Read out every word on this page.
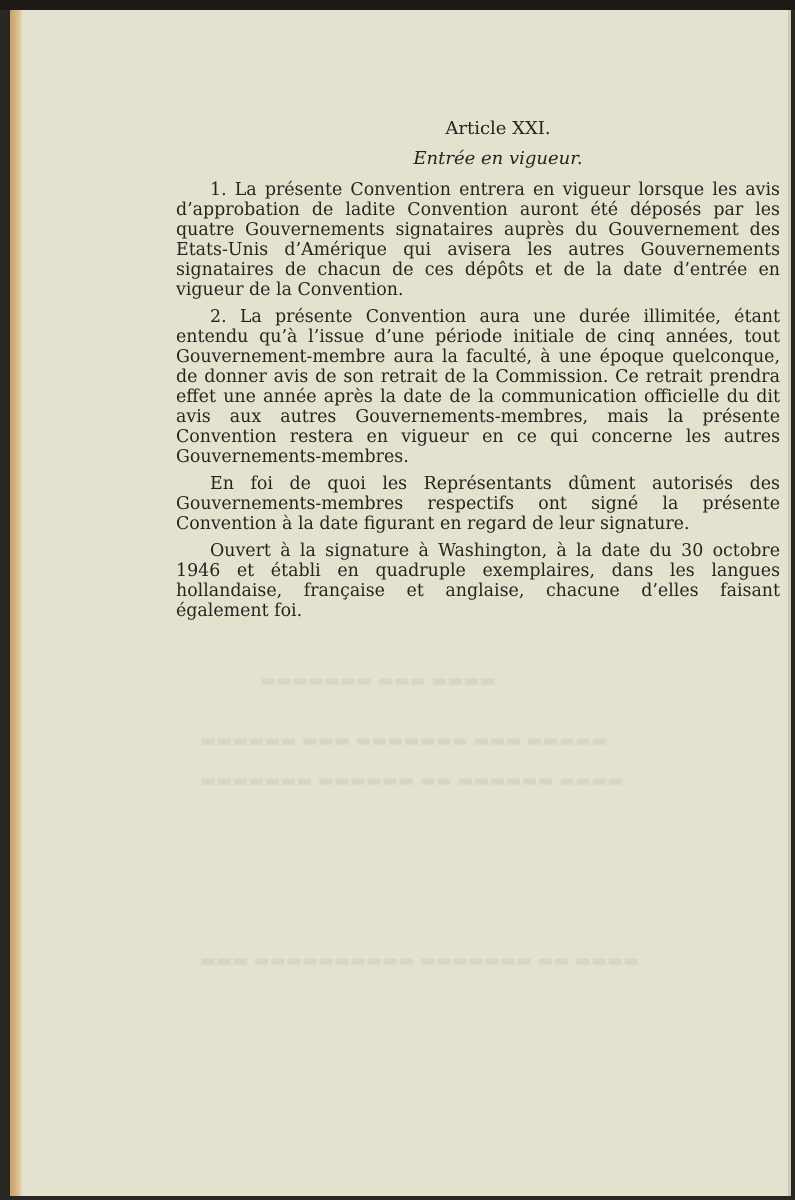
▬▬▬▬ ▬▬▬ ▬▬▬▬▬▬▬
▬▬▬▬▬ ▬▬▬ ▬▬▬▬▬▬▬ ▬▬▬ ▬▬▬▬▬▬
▬▬▬▬ ▬▬▬▬▬▬ ▬▬ ▬▬▬▬▬▬ ▬▬▬▬▬▬▬
▬▬▬▬ ▬▬ ▬▬▬▬▬▬▬ ▬▬▬▬▬▬▬▬▬▬ ▬▬▬
Article XXI.
Entrée en vigueur.

1. La présente Convention entrera en vigueur lorsque les avis d’approbation de ladite Convention auront été déposés par les quatre Gouvernements signataires auprès du Gouvernement des Etats-Unis d’Amérique qui avisera les autres Gouvernements signataires de chacun de ces dépôts et de la date d’entrée en vigueur de la Convention.

2. La présente Convention aura une durée illimitée, étant entendu qu’à l’issue d’une période initiale de cinq années, tout Gouvernement-membre aura la faculté, à une époque quelconque, de donner avis de son retrait de la Commission. Ce retrait prendra effet une année après la date de la communication officielle du dit avis aux autres Gouvernements-membres, mais la présente Convention restera en vigueur en ce qui concerne les autres Gouvernements-membres.

En foi de quoi les Représentants dûment autorisés des Gouvernements-membres respectifs ont signé la présente Convention à la date figurant en regard de leur signature.

Ouvert à la signature à Washington, à la date du 30 octobre 1946 et établi en quadruple exemplaires, dans les langues hollandaise, française et anglaise, chacune d’elles faisant également foi.
